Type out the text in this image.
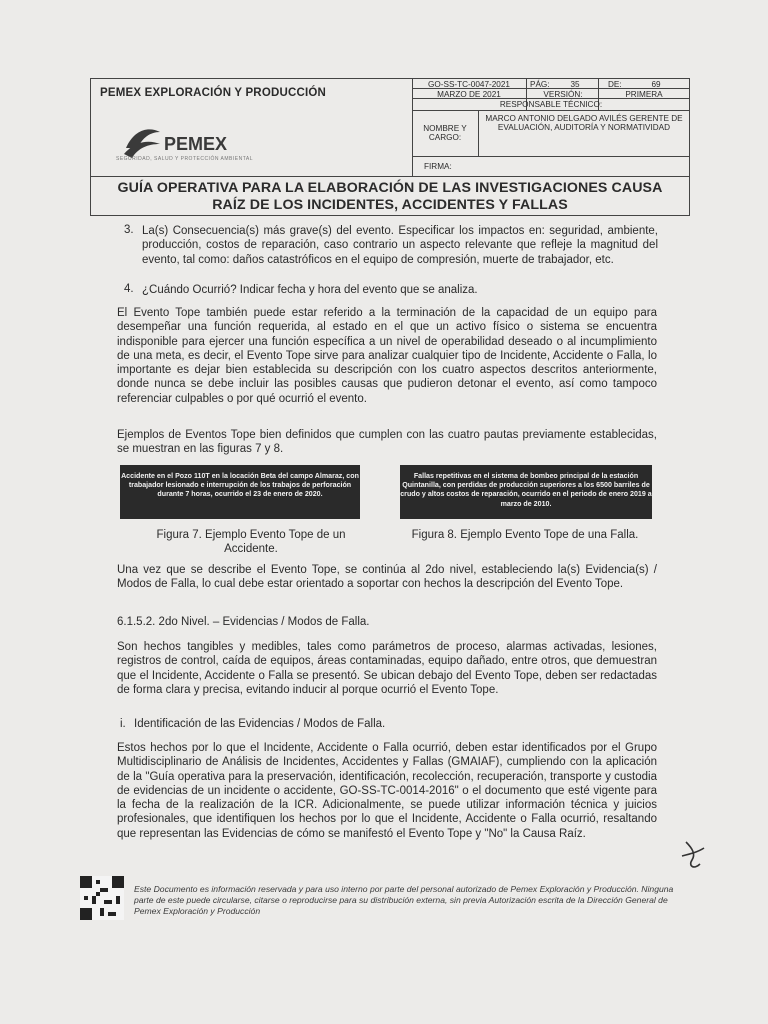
PEMEX EXPLORACIÓN Y PRODUCCIÓN
PEMEX
SEGURIDAD, SALUD Y PROTECCIÓN AMBIENTAL
GO-SS-TC-0047-2021	PÁG:	35	DE:	69
MARZO DE 2021	VERSIÓN:	PRIMERA
RESPONSABLE TÉCNICO:
NOMBRE Y CARGO:
MARCO ANTONIO DELGADO AVILÉS GERENTE DE EVALUACIÓN, AUDITORÍA Y NORMATIVIDAD
FIRMA:
GUÍA OPERATIVA PARA LA ELABORACIÓN DE LAS INVESTIGACIONES CAUSA
RAÍZ DE LOS INCIDENTES, ACCIDENTES Y FALLAS
3. La(s) Consecuencia(s) más grave(s) del evento. Especificar los impactos en: seguridad, ambiente, producción, costos de reparación, caso contrario un aspecto relevante que refleje la magnitud del evento, tal como: daños catastróficos en el equipo de compresión, muerte de trabajador, etc.
4. ¿Cuándo Ocurrió? Indicar fecha y hora del evento que se analiza.
El Evento Tope también puede estar referido a la terminación de la capacidad de un equipo para desempeñar una función requerida, al estado en el que un activo físico o sistema se encuentra indisponible para ejercer una función específica a un nivel de operabilidad deseado o al incumplimiento de una meta, es decir, el Evento Tope sirve para analizar cualquier tipo de Incidente, Accidente o Falla, lo importante es dejar bien establecida su descripción con los cuatro aspectos descritos anteriormente, donde nunca se debe incluir las posibles causas que pudieron detonar el evento, así como tampoco referenciar culpables o por qué ocurrió el evento.
Ejemplos de Eventos Tope bien definidos que cumplen con las cuatro pautas previamente establecidas, se muestran en las figuras 7 y 8.
Accidente en el Pozo 110T en la locación Beta del campo Almaraz, con trabajador lesionado e interrupción de los trabajos de perforación durante 7 horas, ocurrido el 23 de enero de 2020.
Fallas repetitivas en el sistema de bombeo principal de la estación Quintanilla, con perdidas de producción superiores a los 6500 barriles de crudo y altos costos de reparación, ocurrido en el periodo de enero 2019 a marzo de 2010.
Figura 7. Ejemplo Evento Tope de un Accidente.
Figura 8. Ejemplo Evento Tope de una Falla.
Una vez que se describe el Evento Tope, se continúa al 2do nivel, estableciendo la(s) Evidencia(s) / Modos de Falla, lo cual debe estar orientado a soportar con hechos la descripción del Evento Tope.
6.1.5.2. 2do Nivel. – Evidencias / Modos de Falla.
Son hechos tangibles y medibles, tales como parámetros de proceso, alarmas activadas, lesiones, registros de control, caída de equipos, áreas contaminadas, equipo dañado, entre otros, que demuestran que el Incidente, Accidente o Falla se presentó. Se ubican debajo del Evento Tope, deben ser redactadas de forma clara y precisa, evitando inducir al porque ocurrió el Evento Tope.
i. Identificación de las Evidencias / Modos de Falla.
Estos hechos por lo que el Incidente, Accidente o Falla ocurrió, deben estar identificados por el Grupo Multidisciplinario de Análisis de Incidentes, Accidentes y Fallas (GMAIAF), cumpliendo con la aplicación de la "Guía operativa para la preservación, identificación, recolección, recuperación, transporte y custodia de evidencias de un incidente o accidente, GO-SS-TC-0014-2016" o el documento que esté vigente para la fecha de la realización de la ICR. Adicionalmente, se puede utilizar información técnica y juicios profesionales, que identifiquen los hechos por lo que el Incidente, Accidente o Falla ocurrió, resaltando que representan las Evidencias de cómo se manifestó el Evento Tope y "No" la Causa Raíz.
Este Documento es información reservada y para uso interno por parte del personal autorizado de Pemex Exploración y Producción. Ninguna parte de este puede circularse, citarse o reproducirse para su distribución externa, sin previa Autorización escrita de la Dirección General de Pemex Exploración y Producción
